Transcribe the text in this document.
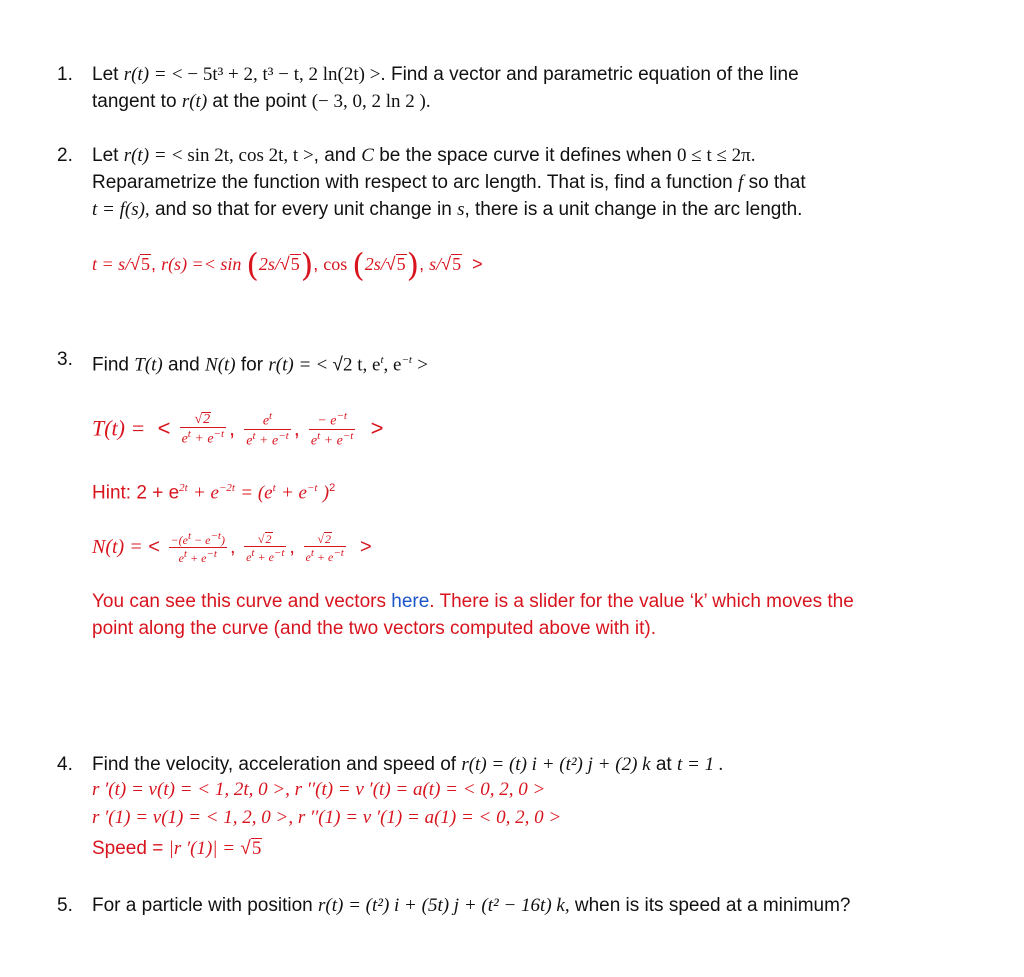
1. Let r(t) = < − 5t³ + 2, t³ − t, 2 ln(2t) >. Find a vector and parametric equation of the line
tangent to r(t) at the point (− 3, 0, 2 ln 2 ).
2. Let r(t) = < sin 2t, cos 2t, t >, and C be the space curve it defines when 0 ≤ t ≤ 2π.
Reparametrize the function with respect to arc length. That is, find a function f so that
t = f(s), and so that for every unit change in s, there is a unit change in the arc length.
t = s/√5, r(s) =< sin (2s/√5), cos (2s/√5), s/√5 >
3. Find T(t) and N(t) for r(t) = < √2 t, $e^t$, $e^{-t}$ >
T(t) = < $\frac{√2}{e^t + e^{-t}}$ , $\frac{e^t}{e^t + e^{-t}}$ , $\frac{- e^{-t}}{e^t + e^{-t}}$ >
Hint: $2 + e^{2t} + e^{-2t} = (e^t + e^{-t}$ )$^2$
N(t) = < $\frac{-(e^t - e^{-t})}{e^t + e^{-t}}$ , $\frac{√2}{e^t + e^{-t}}$ , $\frac{√2}{e^t + e^{-t}}$ >
You can see this curve and vectors here. There is a slider for the value ‘k’ which moves the
point along the curve (and the two vectors computed above with it).
4. Find the velocity, acceleration and speed of r(t) = (t) i + (t²) j + (2) k at t = 1 .
r ′(t) = v(t) = < 1, 2t, 0 >, r ′′(t) = v ′(t) = a(t) = < 0, 2, 0 >
r ′(1) = v(1) = < 1, 2, 0 >, r ′′(1) = v ′(1) = a(1) = < 0, 2, 0 >
Speed = |r ′(1)| = √5
5. For a particle with position r(t) = (t²) i + (5t) j + (t² − 16t) k, when is its speed at a minimum?
